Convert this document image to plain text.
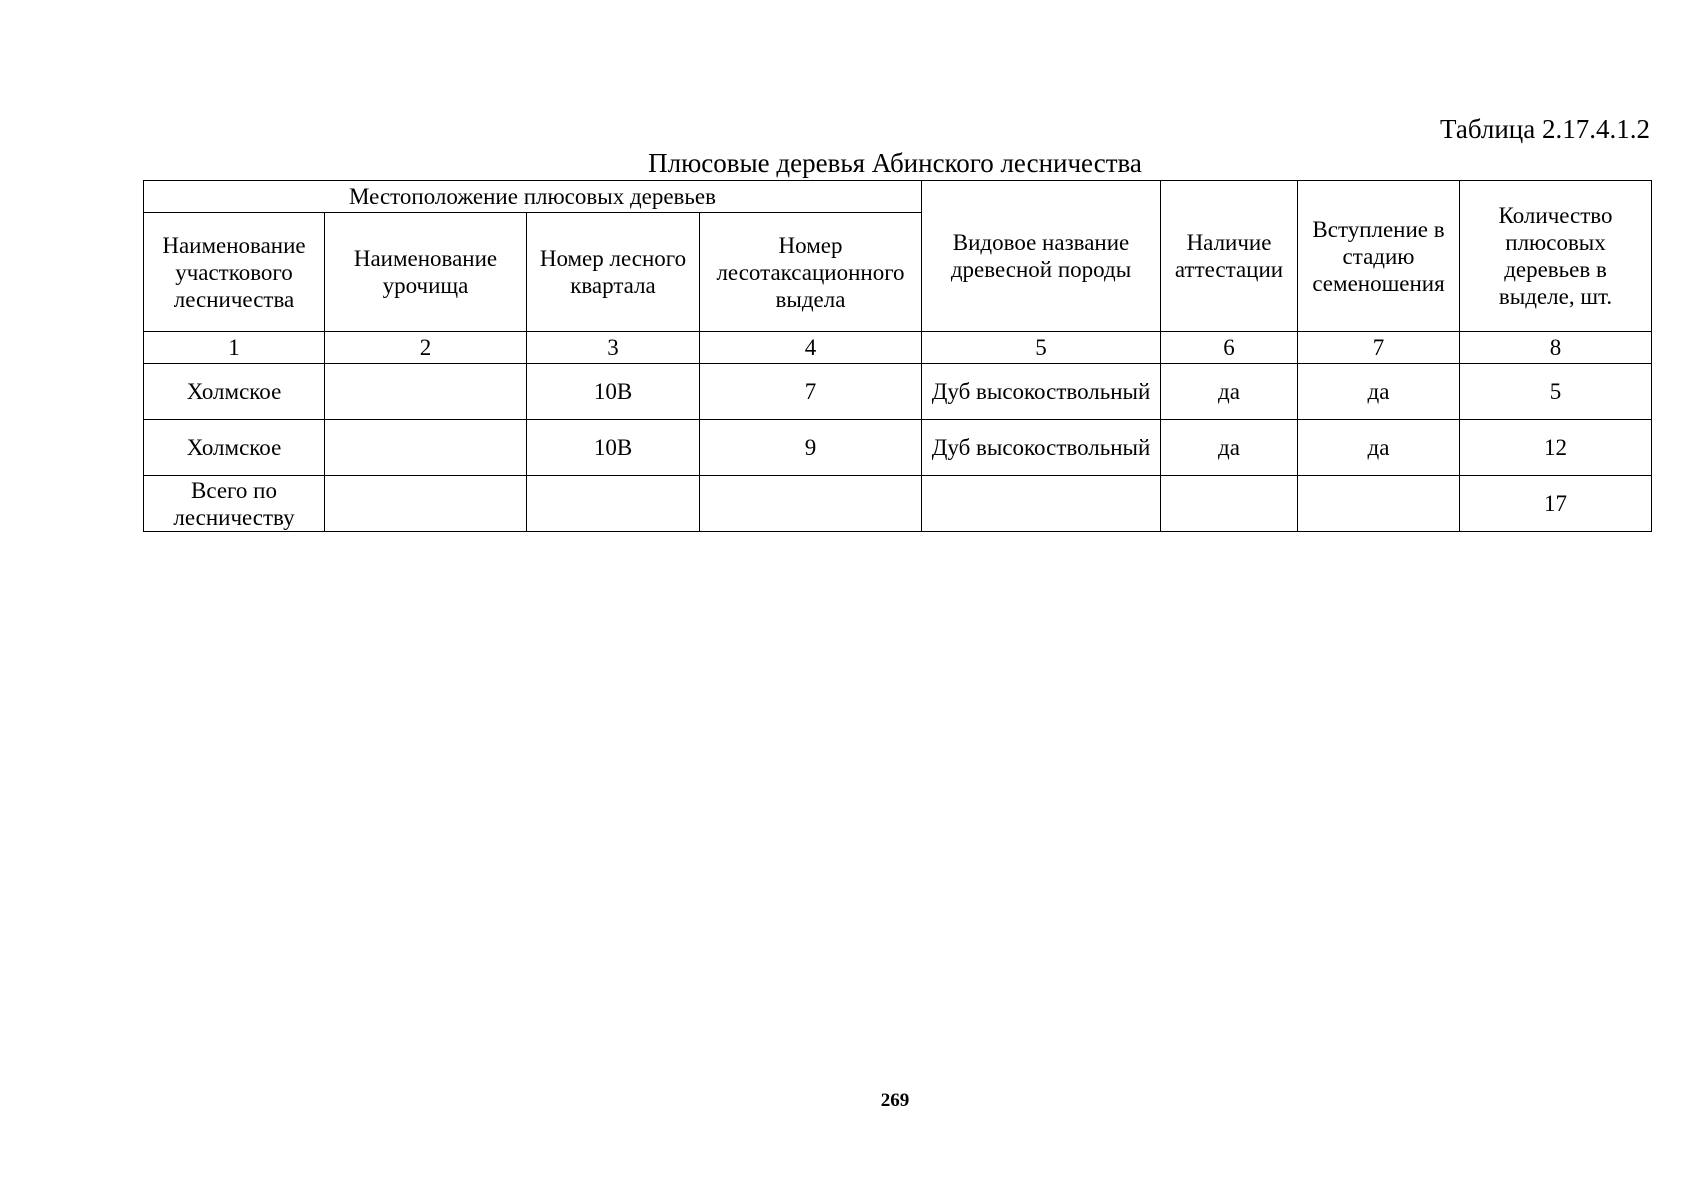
Таблица 2.17.4.1.2
Плюсовые деревья Абинского лесничества
Местоположение плюсовых деревьев				Видовое название древесной породы	Наличие аттестации	Вступление в стадию семеношения	Количество плюсовых деревьев в выделе, шт.
Наименование участкового лесничества	Наименование урочища	Номер лесного квартала	Номер лесотаксационного выдела				
1	2	3	4	5	6	7	8
Холмское		10В	7	Дуб высокоствольный	да	да	5
Холмское		10В	9	Дуб высокоствольный	да	да	12
Всего по лесничеству							17
269
